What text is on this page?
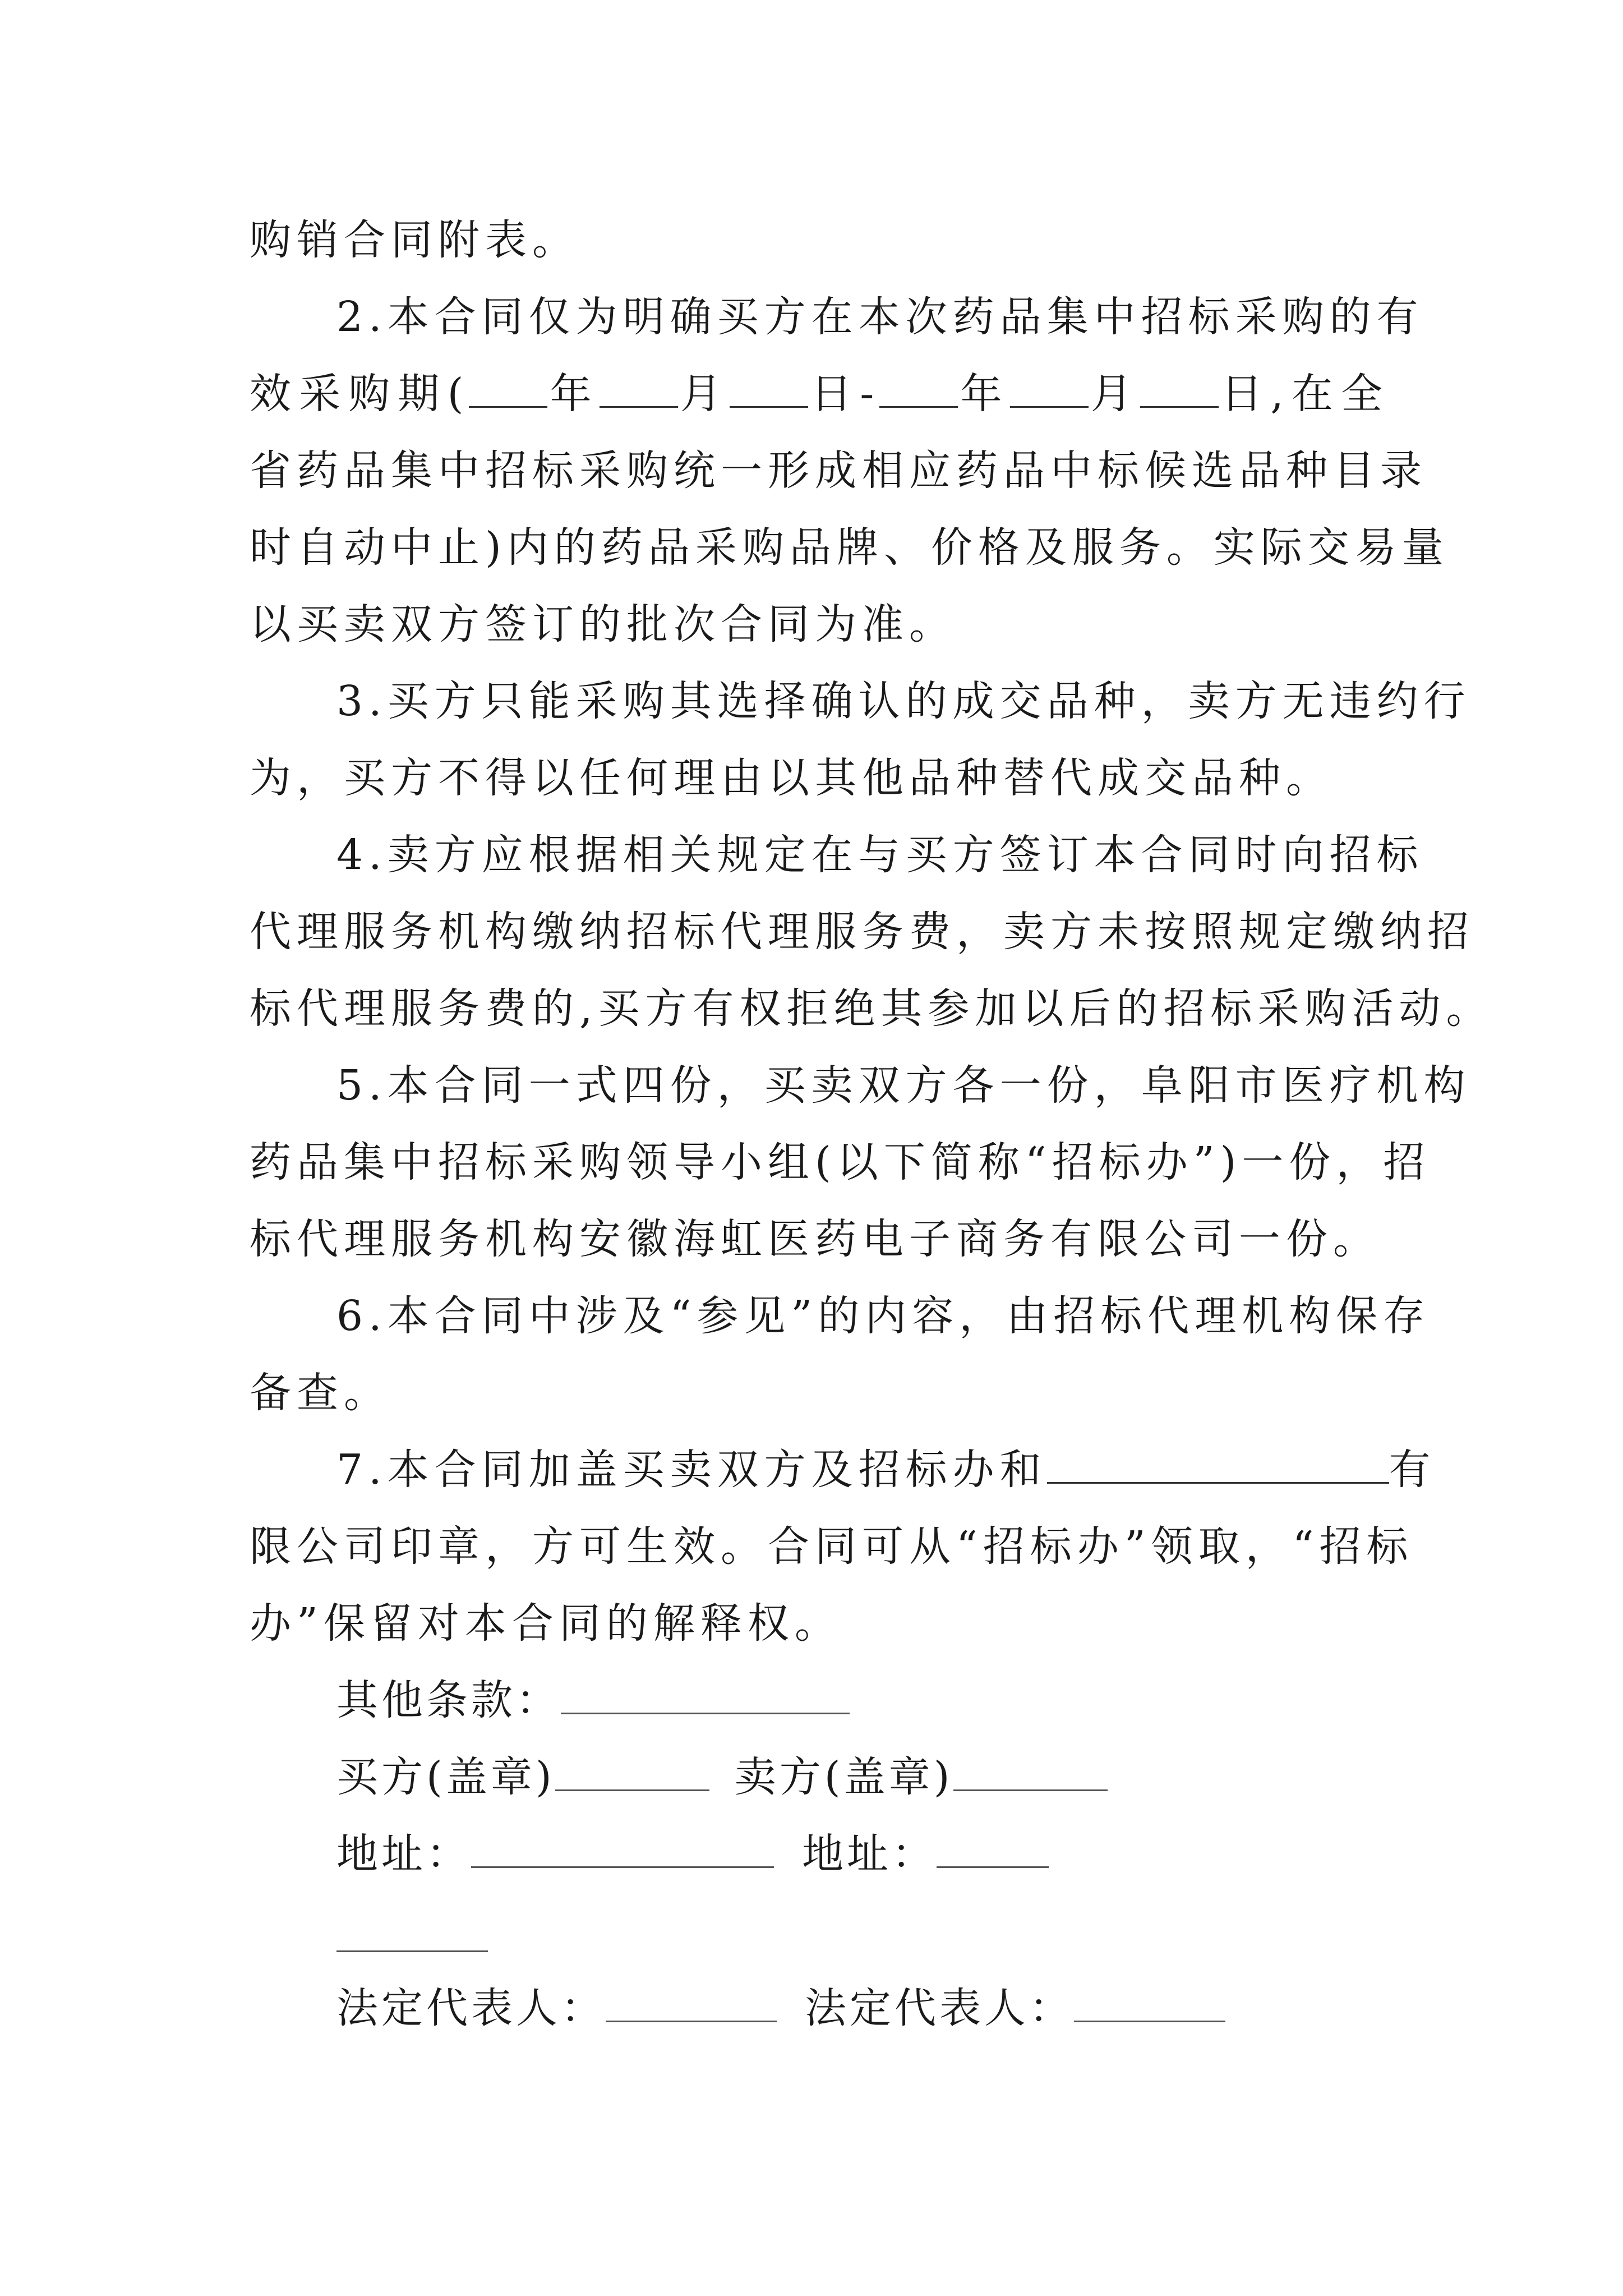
购销合同附表。
2.本合同仅为明确买方在本次药品集中招标采购的有
效采购期( 年 月 日- 年 月 日,在全
省药品集中招标采购统一形成相应药品中标候选品种目录
时自动中止)内的药品采购品牌、价格及服务。实际交易量
以买卖双方签订的批次合同为准。
3.买方只能采购其选择确认的成交品种，卖方无违约行
为，买方不得以任何理由以其他品种替代成交品种。
4.卖方应根据相关规定在与买方签订本合同时向招标
代理服务机构缴纳招标代理服务费，卖方未按照规定缴纳招
标代理服务费的,买方有权拒绝其参加以后的招标采购活动。
5.本合同一式四份，买卖双方各一份，阜阳市医疗机构
药品集中招标采购领导小组(以下简称“招标办”)一份，招
标代理服务机构安徽海虹医药电子商务有限公司一份。
6.本合同中涉及“参见”的内容，由招标代理机构保存
备查。
7.本合同加盖买卖双方及招标办和	有
限公司印章，方可生效。合同可从“招标办”领取，“招标
办”保留对本合同的解释权。
其他条款：
买方(盖章)	卖方(盖章)
地址：	地址：
法定代表人：	法定代表人：
